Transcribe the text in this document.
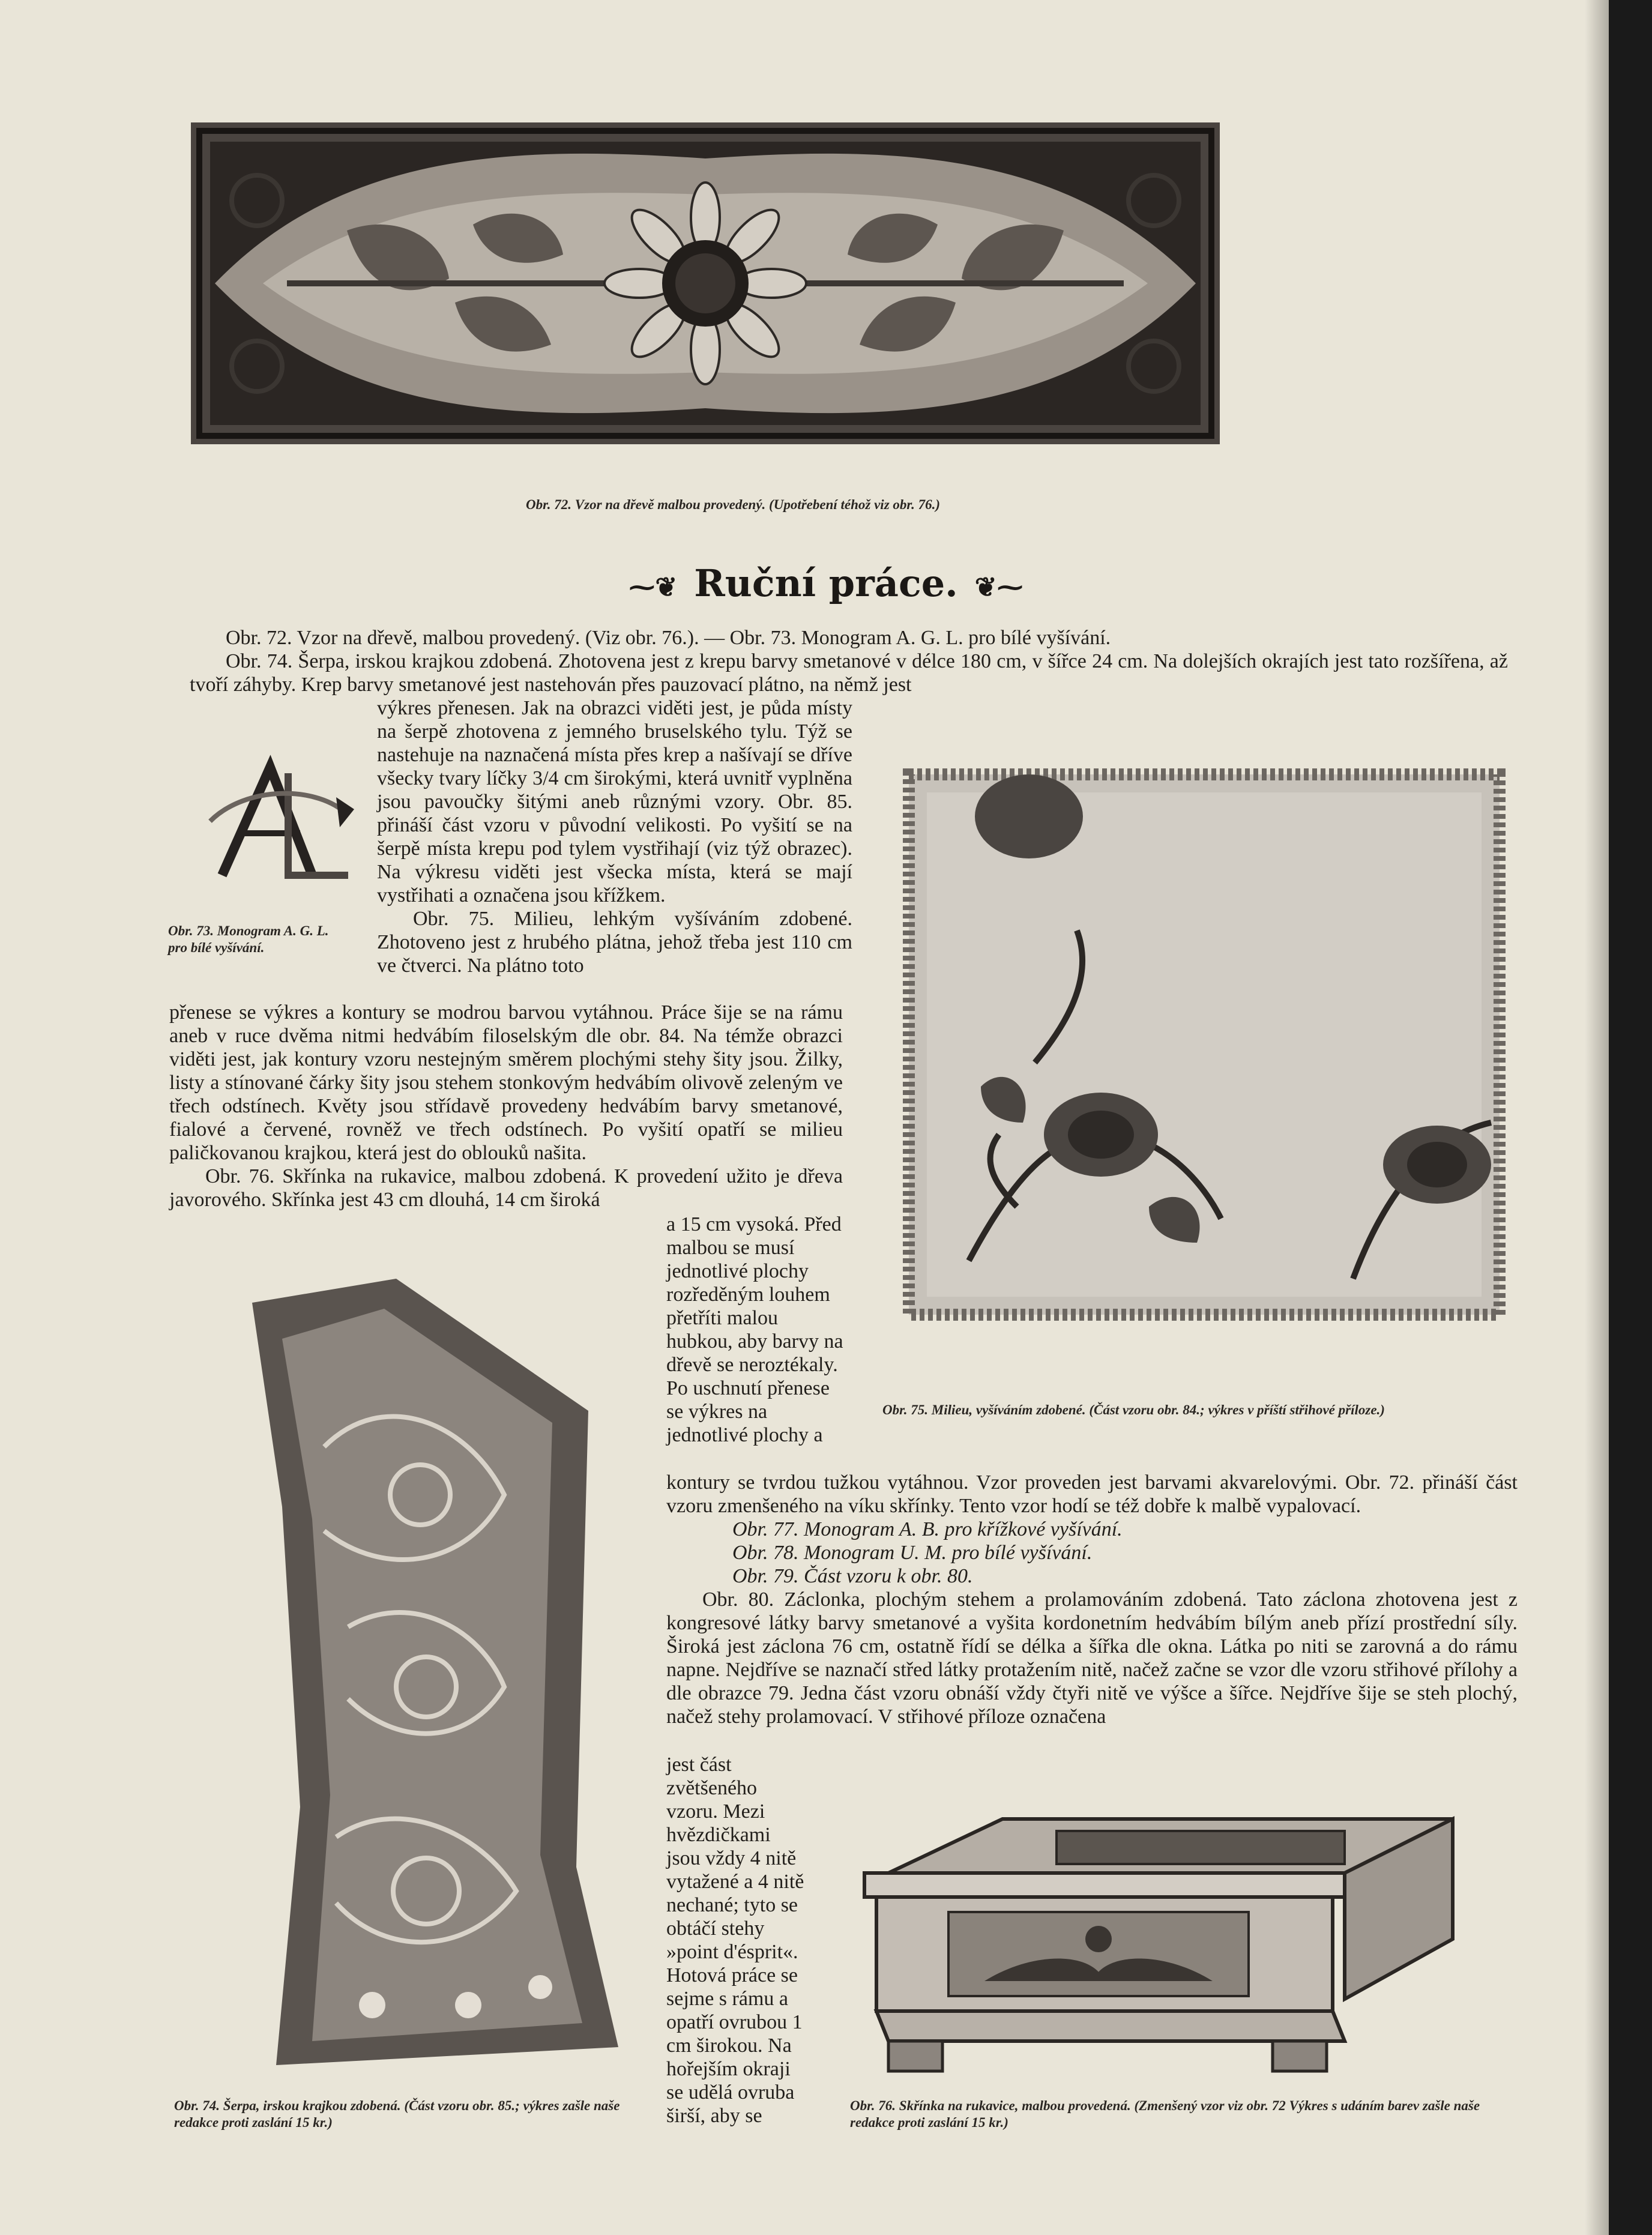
Obr. 72. Vzor na dřevě malbou provedený. (Upotřebení téhož viz obr. 76.)
⁓❦ Ruční práce. ❦⁓

Obr. 72. Vzor na dřevě, malbou provedený. (Viz obr. 76.). — Obr. 73. Monogram A. G. L. pro bílé vyšívání.

Obr. 74. Šerpa, irskou krajkou zdobená. Zhotovena jest z krepu barvy smetanové v délce 180 cm, v šířce 24 cm. Na dolejších okrajích jest tato rozšířena, až tvoří záhyby. Krep barvy smetanové jest nastehován přes pauzovací plátno, na němž jest

Obr. 73. Monogram A. G. L. pro bílé vyšívání.

výkres přenesen. Jak na obrazci viděti jest, je půda místy na šerpě zhotovena z jemného bruselského tylu. Týž se nastehuje na naznačená místa přes krep a našívají se dříve všecky tvary líčky 3/4 cm širokými, která uvnitř vyplněna jsou pavoučky šitými aneb různými vzory. Obr. 85. přináší část vzoru v původní velikosti. Po vyšití se na šerpě místa krepu pod tylem vystřihají (viz týž obrazec). Na výkresu viděti jest všecka místa, která se mají vystřihati a označena jsou křížkem.

Obr. 75. Milieu, lehkým vyšíváním zdobené. Zhotoveno jest z hrubého plátna, jehož třeba jest 110 cm ve čtverci. Na plátno toto

Obr. 75. Milieu, vyšíváním zdobené. (Část vzoru obr. 84.; výkres v příští střihové příloze.)

přenese se výkres a kontury se modrou barvou vytáhnou. Práce šije se na rámu aneb v ruce dvěma nitmi hedvábím filoselským dle obr. 84. Na témže obrazci viděti jest, jak kontury vzoru nestejným směrem plochými stehy šity jsou. Žilky, listy a stínované čárky šity jsou stehem stonkovým hedvábím olivově zeleným ve třech odstínech. Květy jsou střídavě provedeny hedvábím barvy smetanové, fialové a červené, rovněž ve třech odstínech. Po vyšití opatří se milieu paličkovanou krajkou, která jest do oblouků našita.

Obr. 76. Skřínka na rukavice, malbou zdobená. K provedení užito je dřeva javorového. Skřínka jest 43 cm dlouhá, 14 cm široká

a 15 cm vysoká. Před malbou se musí jednotlivé plochy rozředěným louhem přetříti malou hubkou, aby barvy na dřevě se neroztékaly. Po uschnutí přenese se výkres na jednotlivé plochy a

Obr. 74. Šerpa, irskou krajkou zdobená. (Část vzoru obr. 85.; výkres zašle naše redakce proti zaslání 15 kr.)

kontury se tvrdou tužkou vytáhnou. Vzor proveden jest barvami akvarelovými. Obr. 72. přináší část vzoru zmenšeného na víku skřínky. Tento vzor hodí se též dobře k malbě vypalovací.

Obr. 77. Monogram A. B. pro křížkové vyšívání.

Obr. 78. Monogram U. M. pro bílé vyšívání.

Obr. 79. Část vzoru k obr. 80.

Obr. 80. Záclonka, plochým stehem a prolamováním zdobená. Tato záclona zhotovena jest z kongresové látky barvy smetanové a vyšita kordonetním hedvábím bílým aneb přízí prostřední síly. Široká jest záclona 76 cm, ostatně řídí se délka a šířka dle okna. Látka po niti se zarovná a do rámu napne. Nejdříve se naznačí střed látky protažením nitě, načež začne se vzor dle vzoru střihové přílohy a dle obrazce 79. Jedna část vzoru obnáší vždy čtyři nitě ve výšce a šířce. Nejdříve šije se steh plochý, načež stehy prolamovací. V střihové příloze označena

jest část zvětšeného vzoru. Mezi hvězdičkami jsou vždy 4 nitě vytažené a 4 nitě nechané; tyto se obtáčí stehy »point d'ésprit«. Hotová práce se sejme s rámu a opatří ovrubou 1 cm širokou. Na hořejším okraji se udělá ovruba širší, aby se	Obr. 76. Skřínka na rukavice, malbou provedená. (Zmenšený vzor viz obr. 72 Výkres s udáním barev zašle naše redakce proti zaslání 15 kr.)
